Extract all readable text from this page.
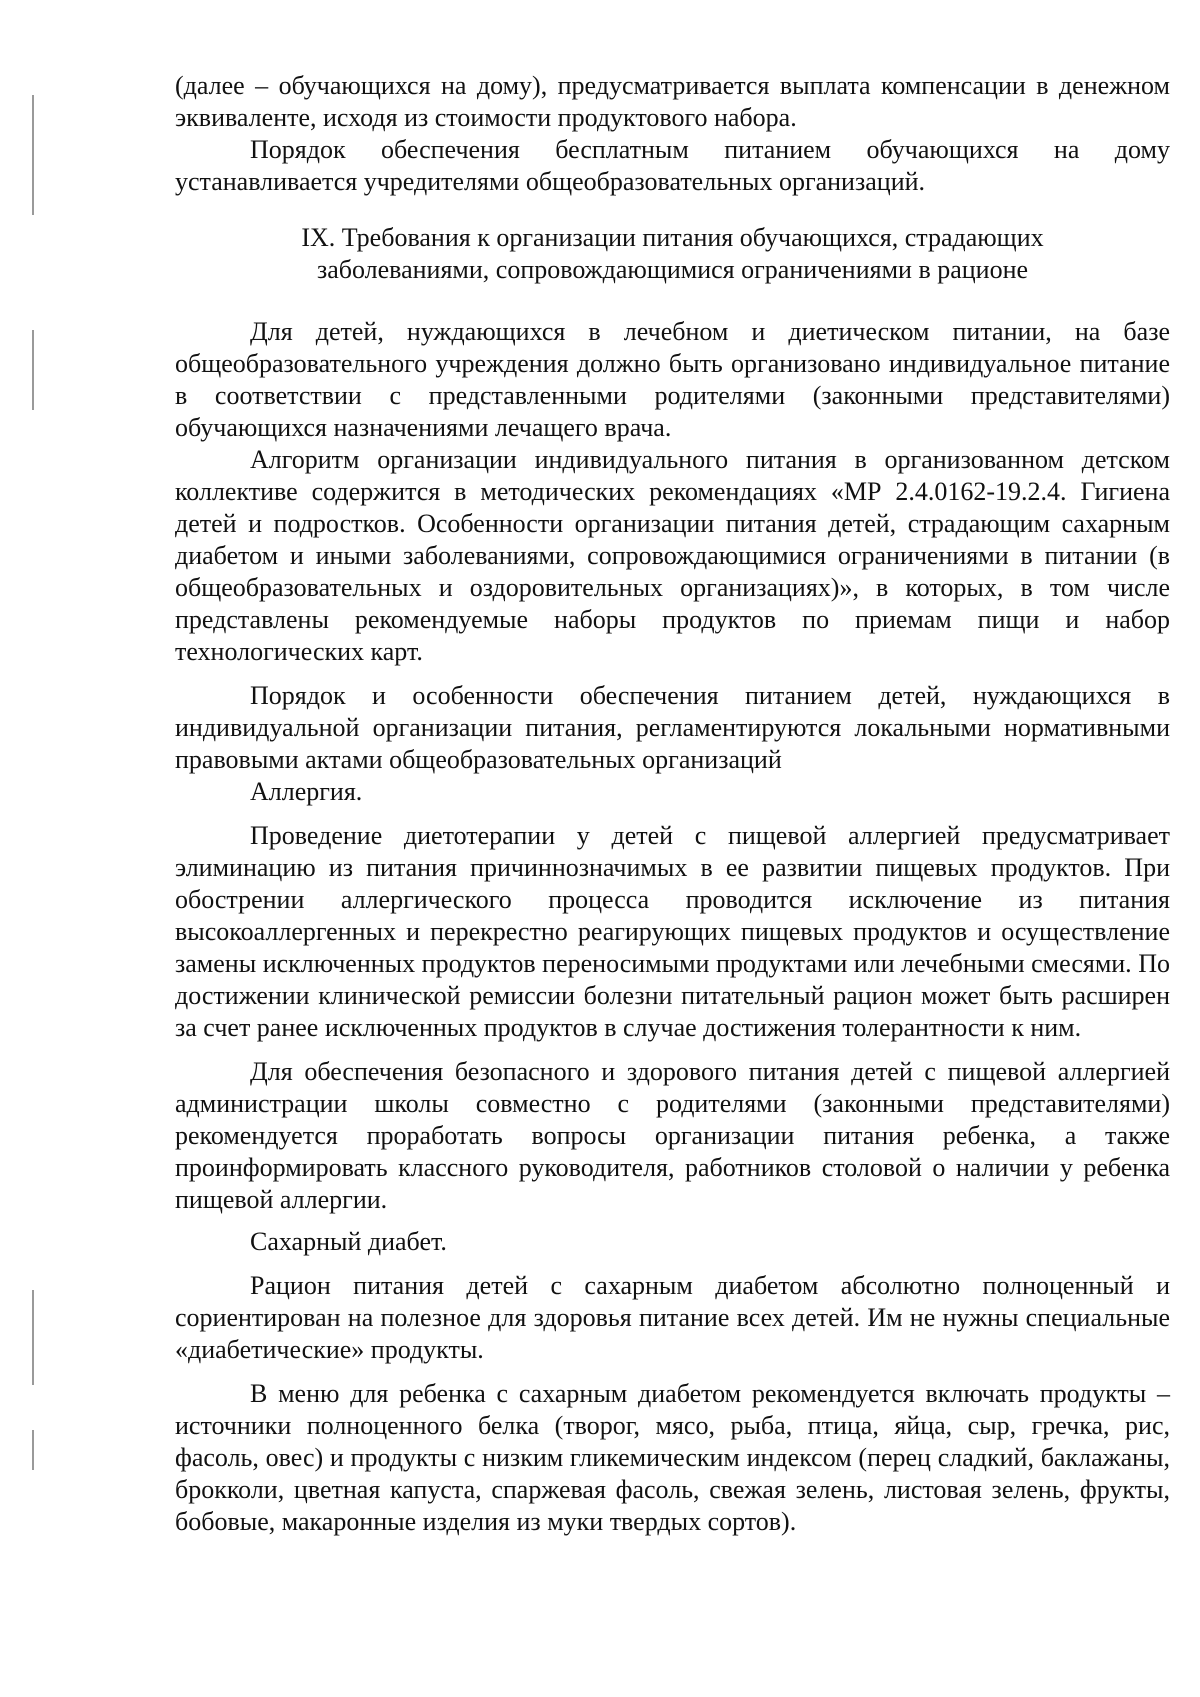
(далее – обучающихся на дому), предусматривается выплата компенсации в денежном эквиваленте, исходя из стоимости продуктового набора.

Порядок обеспечения бесплатным питанием обучающихся на дому устанавливается учредителями общеобразовательных организаций.

IX. Требования к организации питания обучающихся, страдающих заболеваниями, сопровождающимися ограничениями в рационе

Для детей, нуждающихся в лечебном и диетическом питании, на базе общеобразовательного учреждения должно быть организовано индивидуальное питание в соответствии с представленными родителями (законными представителями) обучающихся назначениями лечащего врача.

Алгоритм организации индивидуального питания в организованном детском коллективе содержится в методических рекомендациях «МР 2.4.0162-19.2.4. Гигиена детей и подростков. Особенности организации питания детей, страдающим сахарным диабетом и иными заболеваниями, сопровождающимися ограничениями в питании (в общеобразовательных и оздоровительных организациях)», в которых, в том числе представлены рекомендуемые наборы продуктов по приемам пищи и набор технологических карт.

Порядок и особенности обеспечения питанием детей, нуждающихся в индивидуальной организации питания, регламентируются локальными нормативными правовыми актами общеобразовательных организаций

Аллергия.

Проведение диетотерапии у детей с пищевой аллергией предусматривает элиминацию из питания причиннозначимых в ее развитии пищевых продуктов. При обострении аллергического процесса проводится исключение из питания высокоаллергенных и перекрестно реагирующих пищевых продуктов и осуществление замены исключенных продуктов переносимыми продуктами или лечебными смесями. По достижении клинической ремиссии болезни питательный рацион может быть расширен за счет ранее исключенных продуктов в случае достижения толерантности к ним.

Для обеспечения безопасного и здорового питания детей с пищевой аллергией администрации школы совместно с родителями (законными представителями) рекомендуется проработать вопросы организации питания ребенка, а также проинформировать классного руководителя, работников столовой о наличии у ребенка пищевой аллергии.

Сахарный диабет.

Рацион питания детей с сахарным диабетом абсолютно полноценный и сориентирован на полезное для здоровья питание всех детей. Им не нужны специальные «диабетические» продукты.

В меню для ребенка с сахарным диабетом рекомендуется включать продукты – источники полноценного белка (творог, мясо, рыба, птица, яйца, сыр, гречка, рис, фасоль, овес) и продукты с низким гликемическим индексом (перец сладкий, баклажаны, брокколи, цветная капуста, спаржевая фасоль, свежая зелень, листовая зелень, фрукты, бобовые, макаронные изделия из муки твердых сортов).
